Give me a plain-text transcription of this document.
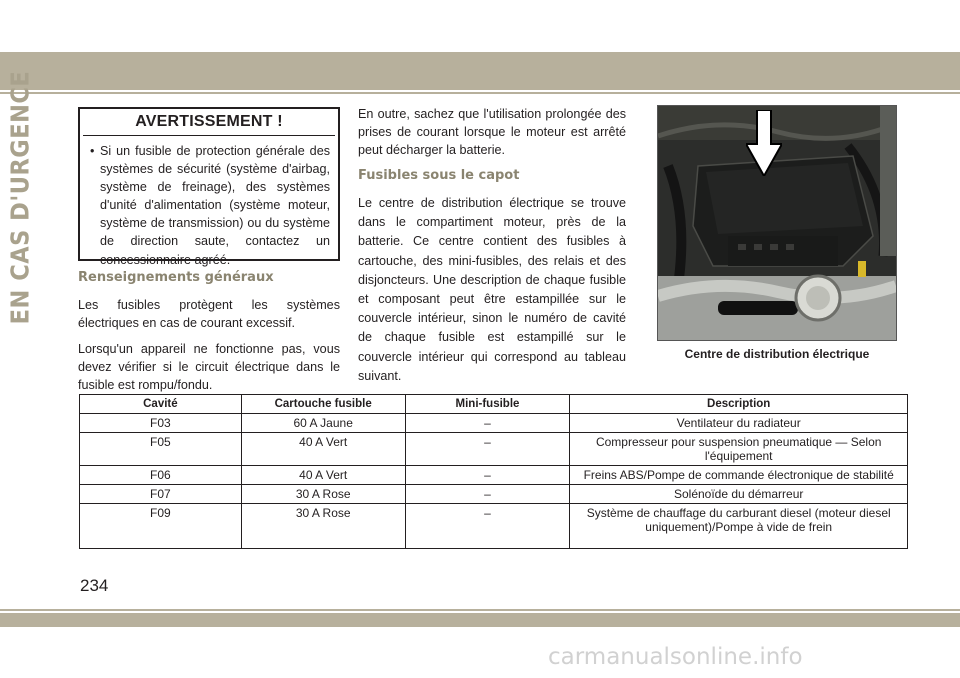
EN CAS D'URGENCE	AVERTISSEMENT !
• Si un fusible de protection générale des systèmes de sécurité (système d'airbag, système de freinage), des systèmes d'unité d'alimentation (système moteur, système de transmission) ou du système de direction saute, contactez un concessionnaire agréé.
Renseignements généraux

Les fusibles protègent les systèmes électriques en cas de courant excessif.

Lorsqu'un appareil ne fonctionne pas, vous devez vérifier si le circuit électrique dans le fusible est rompu/fondu.

En outre, sachez que l'utilisation prolongée des prises de courant lorsque le moteur est arrêté peut décharger la batterie.

Fusibles sous le capot

Le centre de distribution électrique se trouve dans le compartiment moteur, près de la batterie. Ce centre contient des fusibles à cartouche, des mini-fusibles, des relais et des disjoncteurs. Une description de chaque fusible et composant peut être estampillée sur le couvercle intérieur, sinon le numéro de cavité de chaque fusible est estampillé sur le couvercle intérieur qui correspond au tableau suivant.

Centre de distribution électrique
Cavité	Cartouche fusible	Mini-fusible	Description
F03	60 A Jaune	–	Ventilateur du radiateur
F05	40 A Vert	–	Compresseur pour suspension pneumatique — Selon l'équipement
F06	40 A Vert	–	Freins ABS/Pompe de commande électronique de stabilité
F07	30 A Rose	–	Solénoïde du démarreur
F09	30 A Rose	–	Système de chauffage du carburant diesel (moteur diesel uniquement)/Pompe à vide de frein
234
carmanualsonline.info
